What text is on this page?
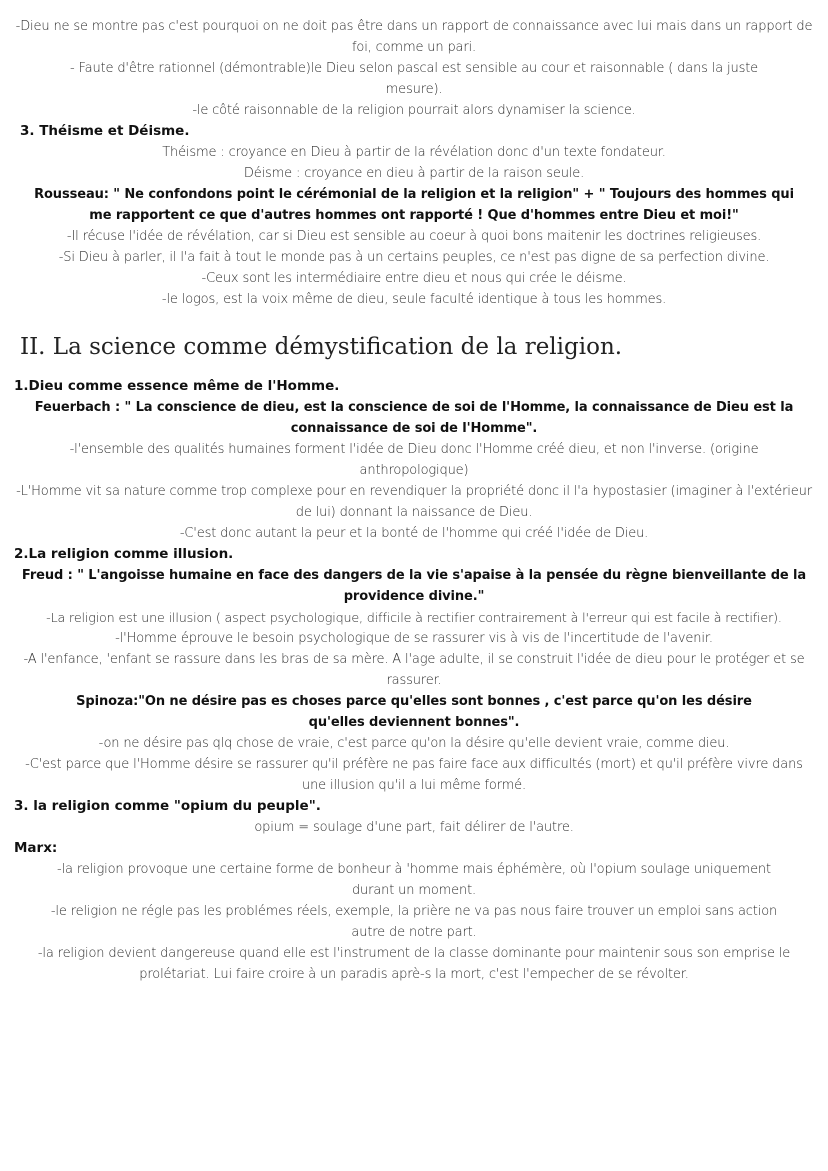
-Dieu ne se montre pas c'est pourquoi on ne doit pas être dans un rapport de connaissance avec lui mais dans un rapport de foi, comme un pari.
- Faute d'être rationnel (démontrable)le Dieu selon pascal est sensible au cour et raisonnable ( dans la juste mesure).
-le côté raisonnable de la religion pourrait alors dynamiser la science.
3. Théisme et Déisme.
Théisme : croyance en Dieu à partir de la révélation donc d'un texte fondateur.
Déisme : croyance en dieu à partir de la raison seule.
Rousseau: " Ne confondons point le cérémonial de la religion et la religion" + " Toujours des hommes qui me rapportent ce que d'autres hommes ont rapporté ! Que d'hommes entre Dieu et moi!"
-Il récuse l'idée de révélation, car si Dieu est sensible au coeur à quoi bons maitenir les doctrines religieuses.
-Si Dieu à parler, il l'a fait à tout le monde pas à un certains peuples, ce n'est pas digne de sa perfection divine.
-Ceux sont les intermédiaire entre dieu et nous qui crée le déisme.
-le logos, est la voix même de dieu, seule faculté identique à tous les hommes.
II. La science comme démystification de la religion.
1.Dieu comme essence même de l'Homme.
Feuerbach : " La conscience de dieu, est la conscience de soi de l'Homme, la connaissance de Dieu est la connaissance de soi de l'Homme".
-l'ensemble des qualités humaines forment l'idée de Dieu donc l'Homme créé dieu, et non l'inverse. (origine anthropologique)
-L'Homme vit sa nature comme trop complexe pour en revendiquer la propriété donc il l'a hypostasier (imaginer à l'extérieur de lui) donnant la naissance de Dieu.
-C'est donc autant la peur et la bonté de l'homme qui créé l'idée de Dieu.
2.La religion comme illusion.
Freud : " L'angoisse humaine en face des dangers de la vie s'apaise à la pensée du règne bienveillante de la providence divine."
-La religion est une illusion ( aspect psychologique, difficile à rectifier contrairement à l'erreur qui est facile à rectifier).
-l'Homme éprouve le besoin psychologique de se rassurer vis à vis de l'incertitude de l'avenir.
-A l'enfance, 'enfant se rassure dans les bras de sa mère. A l'age adulte, il se construit l'idée de dieu pour le protéger et se rassurer.
Spinoza:"On ne désire pas es choses parce qu'elles sont bonnes , c'est parce qu'on les désire qu'elles deviennent bonnes".
-on ne désire pas qlq chose de vraie, c'est parce qu'on la désire qu'elle devient vraie, comme dieu.
-C'est parce que l'Homme désire se rassurer qu'il préfère ne pas faire face aux difficultés (mort) et qu'il préfère vivre dans une illusion qu'il a lui même formé.
3. la religion comme "opium du peuple".
opium = soulage d'une part, fait délirer de l'autre.
Marx:
-la religion provoque une certaine forme de bonheur à 'homme mais éphémère, où l'opium soulage uniquement durant un moment.
-le religion ne régle pas les problémes réels, exemple, la prière ne va pas nous faire trouver un emploi sans action autre de notre part.
-la religion devient dangereuse quand elle est l'instrument de la classe dominante pour maintenir sous son emprise le prolétariat. Lui faire croire à un paradis aprè-s la mort, c'est l'empecher de se révolter.
